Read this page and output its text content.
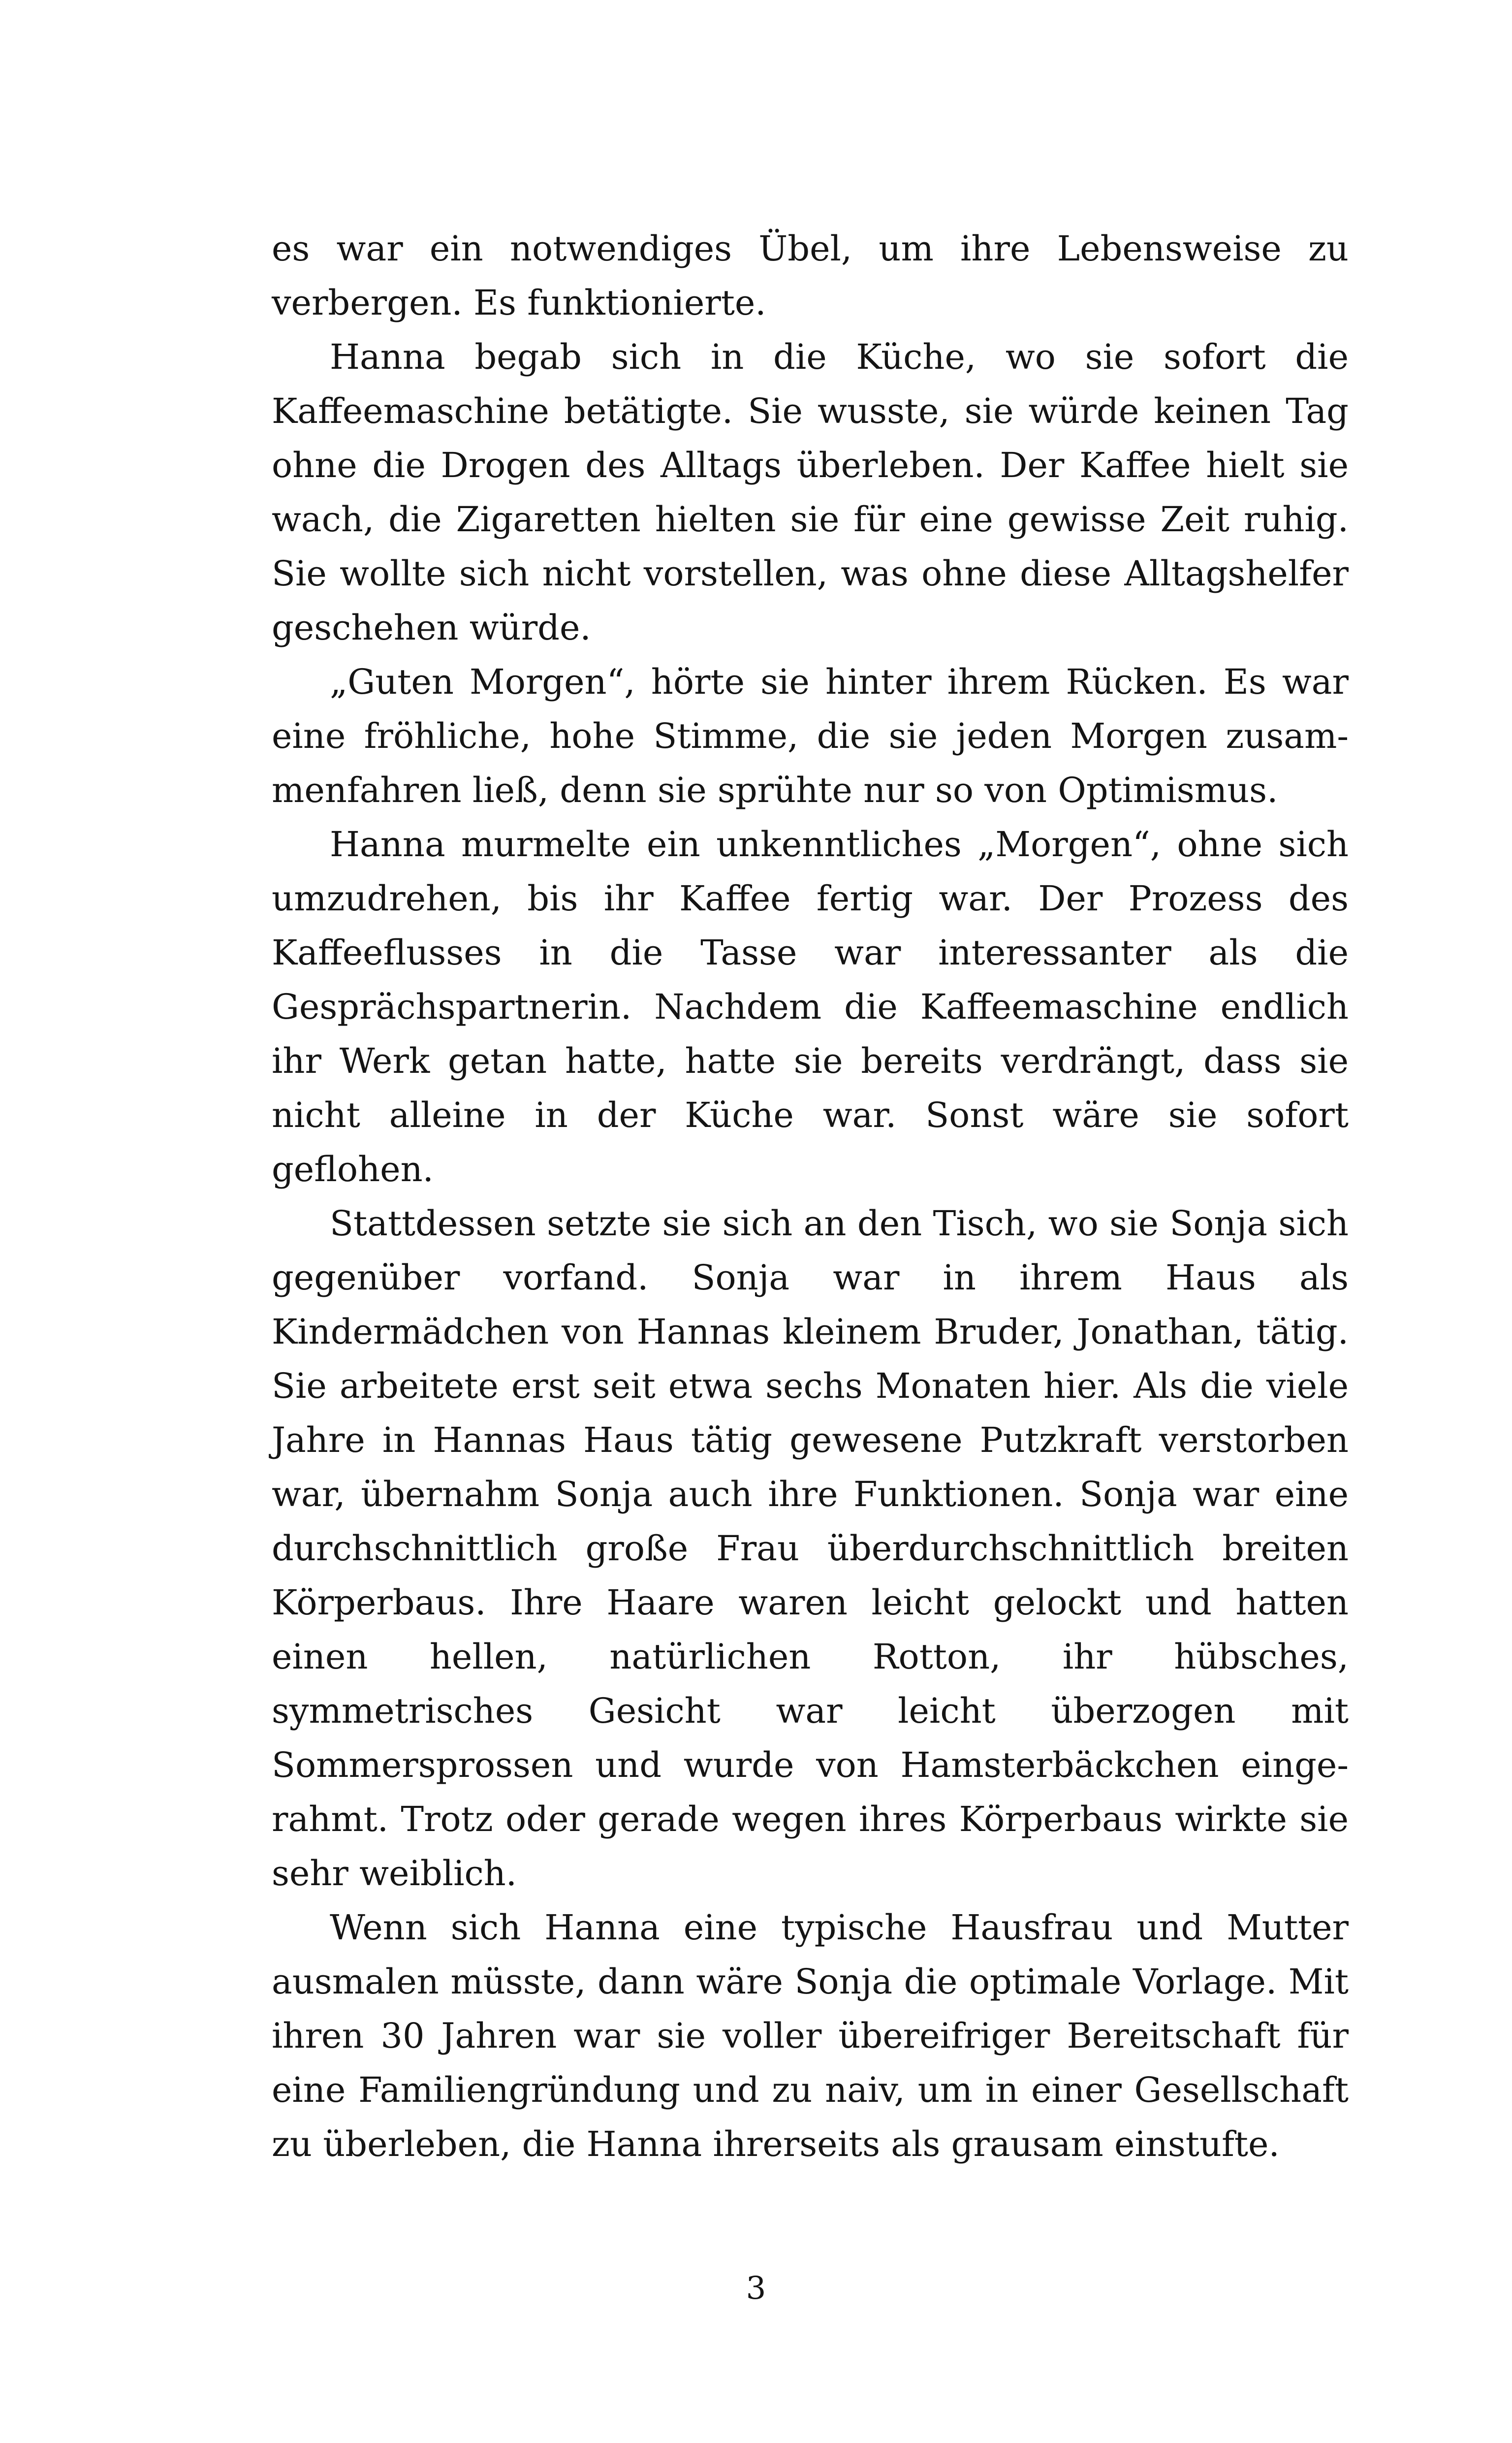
es war ein notwendiges Übel, um ihre Lebensweise zu verbergen. Es funktionierte.

Hanna begab sich in die Küche, wo sie sofort die Kaffeemaschine betätigte. Sie wusste, sie würde keinen Tag ohne die Drogen des Alltags überleben. Der Kaffee hielt sie wach, die Zigaretten hielten sie für eine gewisse Zeit ruhig. Sie wollte sich nicht vorstellen, was ohne diese Alltagshelfer geschehen würde.

„Guten Morgen“, hörte sie hinter ihrem Rücken. Es war eine fröhliche, hohe Stimme, die sie jeden Morgen zusammenfahren ließ, denn sie sprühte nur so von Optimismus.

Hanna murmelte ein unkenntliches „Morgen“, ohne sich umzudrehen, bis ihr Kaffee fertig war. Der Prozess des Kaffeeflusses in die Tasse war interessanter als die Gesprächspartnerin. Nachdem die Kaffeemaschine endlich ihr Werk getan hatte, hatte sie bereits verdrängt, dass sie nicht alleine in der Küche war. Sonst wäre sie sofort geflohen.

Stattdessen setzte sie sich an den Tisch, wo sie Sonja sich gegenüber vorfand. Sonja war in ihrem Haus als Kindermädchen von Hannas kleinem Bruder, Jonathan, tätig. Sie arbeitete erst seit etwa sechs Monaten hier. Als die viele Jahre in Hannas Haus tätig gewesene Putzkraft verstorben war, übernahm Sonja auch ihre Funktionen. Sonja war eine durchschnittlich große Frau überdurchschnittlich breiten Körperbaus. Ihre Haare waren leicht gelockt und hatten einen hellen, natürlichen Rotton, ihr hübsches, symmetrisches Gesicht war leicht überzogen mit Sommersprossen und wurde von Hamsterbäckchen eingerahmt. Trotz oder gerade wegen ihres Körperbaus wirkte sie sehr weiblich.

Wenn sich Hanna eine typische Hausfrau und Mutter ausmalen müsste, dann wäre Sonja die optimale Vorlage. Mit ihren 30 Jahren war sie voller übereifriger Bereitschaft für eine Familiengründung und zu naiv, um in einer Gesellschaft zu überleben, die Hanna ihrerseits als grausam einstufte.

3
